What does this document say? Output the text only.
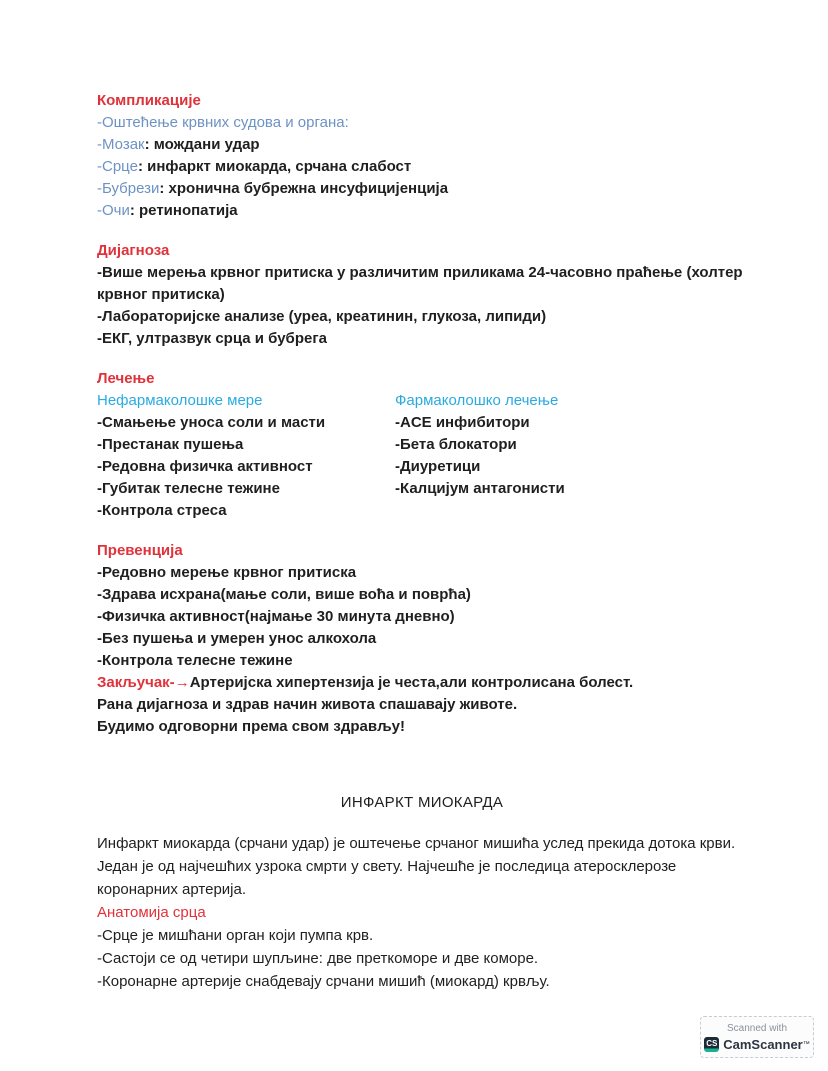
Компликације
-Оштећење крвних судова и органа:
-Мозак: мождани удар
-Срце: инфаркт миокарда, срчана слабост
-Бубрези: хронична бубрежна инсуфицијенција
-Очи: ретинопатија
Дијагноза
-Више мерења крвног притиска у различитим приликама 24-часовно праћење (холтер крвног притиска)
-Лабораторијске анализе (уреа, креатинин, глукоза, липиди)
-ЕКГ, ултразвук срца и бубрега
Лечење
Нефармаколошке мере
-Смањење уноса соли и масти
-Престанак пушења
-Редовна физичка активност
-Губитак телесне тежине
-Контрола стреса
Фармаколошко лечење
-ACE инфибитори
-Бета блокатори
-Диуретици
-Калцијум антагонисти
Превенција
-Редовно мерење крвног притиска
-Здрава исхрана(мање соли, више воћа и поврћа)
-Физичка активност(најмање 30 минута дневно)
-Без пушења и умерен унос алкохола
-Контрола телесне тежине
Закључак-→Артеријска хипертензија је честа,али контролисана болест.
Рана дијагноза и здрав начин живота спашавају животе.
Будимо одговорни према свом здрављу!
ИНФАРКТ МИОКАРДА
Инфаркт миокарда (срчани удар) је оштечење срчаног мишића услед прекида дотока крви.
Један је од најчешћих узрока смрти у свету. Најчешће је последица атеросклерозе коронарних артерија.
Анатомија срца
-Срце је мишћани орган који пумпа крв.
-Састоји се од четири шупљине: две преткоморе и две коморе.
-Коронарне артерије снабдевају срчани мишић (миокард) крвљу.
Scanned with
CS CamScanner™
